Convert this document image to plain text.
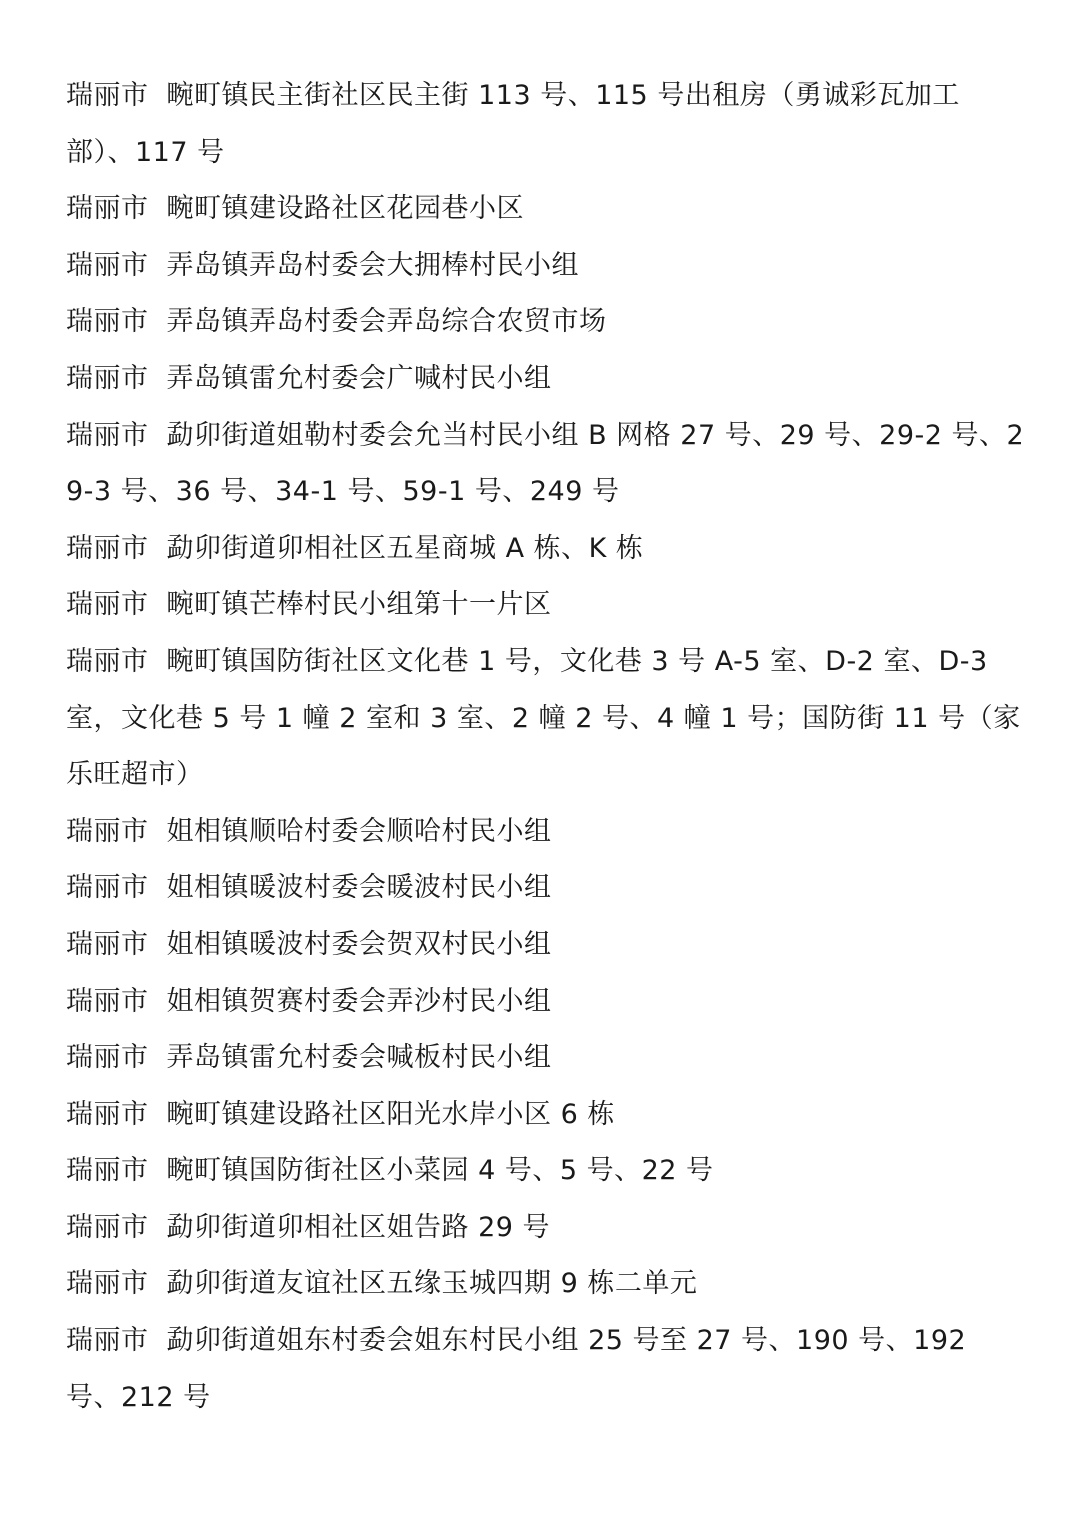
瑞丽市 畹町镇民主街社区民主街 113 号、115 号出租房（勇诚彩瓦加工部）、117 号

瑞丽市 畹町镇建设路社区花园巷小区

瑞丽市 弄岛镇弄岛村委会大拥棒村民小组

瑞丽市 弄岛镇弄岛村委会弄岛综合农贸市场

瑞丽市 弄岛镇雷允村委会广喊村民小组

瑞丽市 勐卯街道姐勒村委会允当村民小组 B 网格 27 号、29 号、29-2 号、29-3 号、36 号、34-1 号、59-1 号、249 号

瑞丽市 勐卯街道卯相社区五星商城 A 栋、K 栋

瑞丽市 畹町镇芒棒村民小组第十一片区

瑞丽市 畹町镇国防街社区文化巷 1 号，文化巷 3 号 A-5 室、D-2 室、D-3 室，文化巷 5 号 1 幢 2 室和 3 室、2 幢 2 号、4 幢 1 号；国防街 11 号（家乐旺超市）

瑞丽市 姐相镇顺哈村委会顺哈村民小组

瑞丽市 姐相镇暖波村委会暖波村民小组

瑞丽市 姐相镇暖波村委会贺双村民小组

瑞丽市 姐相镇贺赛村委会弄沙村民小组

瑞丽市 弄岛镇雷允村委会喊板村民小组

瑞丽市 畹町镇建设路社区阳光水岸小区 6 栋

瑞丽市 畹町镇国防街社区小菜园 4 号、5 号、22 号

瑞丽市 勐卯街道卯相社区姐告路 29 号

瑞丽市 勐卯街道友谊社区五缘玉城四期 9 栋二单元

瑞丽市 勐卯街道姐东村委会姐东村民小组 25 号至 27 号、190 号、192 号、212 号
